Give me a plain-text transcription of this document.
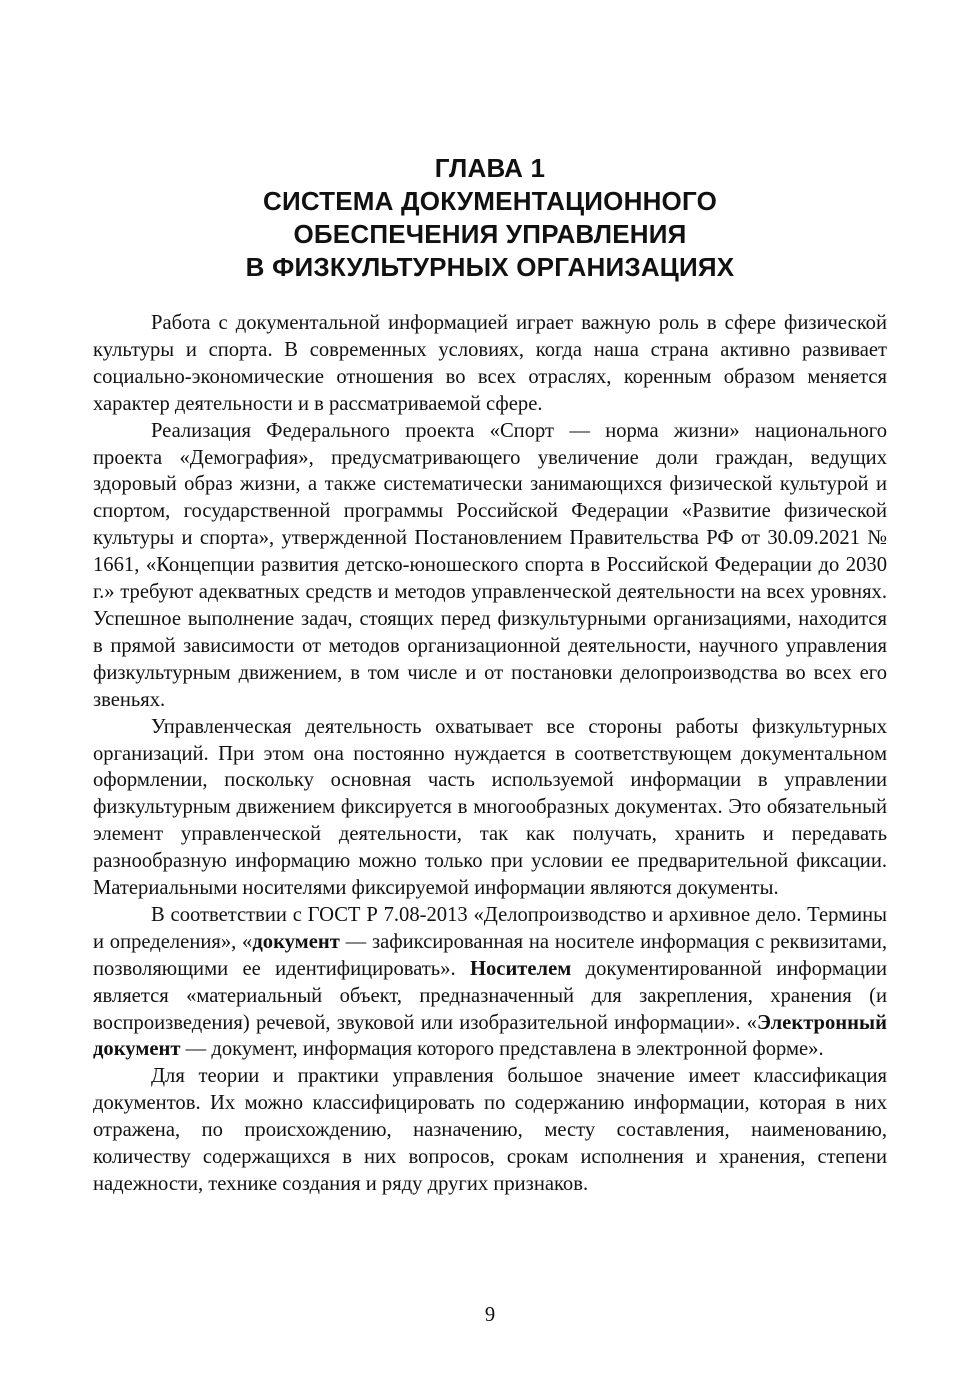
ГЛАВА 1
СИСТЕМА ДОКУМЕНТАЦИОННОГО
ОБЕСПЕЧЕНИЯ УПРАВЛЕНИЯ
В ФИЗКУЛЬТУРНЫХ ОРГАНИЗАЦИЯХ

Работа с документальной информацией играет важную роль в сфере физической культуры и спорта. В современных условиях, когда наша страна активно развивает социально-экономические отношения во всех отраслях, коренным образом меняется характер деятельности и в рассматриваемой сфере.

Реализация Федерального проекта «Спорт — норма жизни» национального проекта «Демография», предусматривающего увеличение доли граждан, ведущих здоровый образ жизни, а также систематически занимающихся физической культурой и спортом, государственной программы Российской Федерации «Развитие физической культуры и спорта», утвержденной Постановлением Правительства РФ от 30.09.2021 № 1661, «Концепции развития детско-юношеского спорта в Российской Федерации до 2030 г.» требуют адекватных средств и методов управленческой деятельности на всех уровнях. Успешное выполнение задач, стоящих перед физкультурными организациями, находится в прямой зависимости от методов организационной деятельности, научного управления физкультурным движением, в том числе и от постановки делопроизводства во всех его звеньях.

Управленческая деятельность охватывает все стороны работы физкультурных организаций. При этом она постоянно нуждается в соответствующем документальном оформлении, поскольку основная часть используемой информации в управлении физкультурным движением фиксируется в многообразных документах. Это обязательный элемент управленческой деятельности, так как получать, хранить и передавать разнообразную информацию можно только при условии ее предварительной фиксации. Материальными носителями фиксируемой информации являются документы.

В соответствии с ГОСТ Р 7.08-2013 «Делопроизводство и архивное дело. Термины и определения», «документ — зафиксированная на носителе информация с реквизитами, позволяющими ее идентифицировать». Носителем документированной информации является «материальный объект, предназначенный для закрепления, хранения (и воспроизведения) речевой, звуковой или изобразительной информации». «Электронный документ — документ, информация которого представлена в электронной форме».

Для теории и практики управления большое значение имеет классификация документов. Их можно классифицировать по содержанию информации, которая в них отражена, по происхождению, назначению, месту составления, наименованию, количеству содержащихся в них вопросов, срокам исполнения и хранения, степени надежности, технике создания и ряду других признаков.

9
